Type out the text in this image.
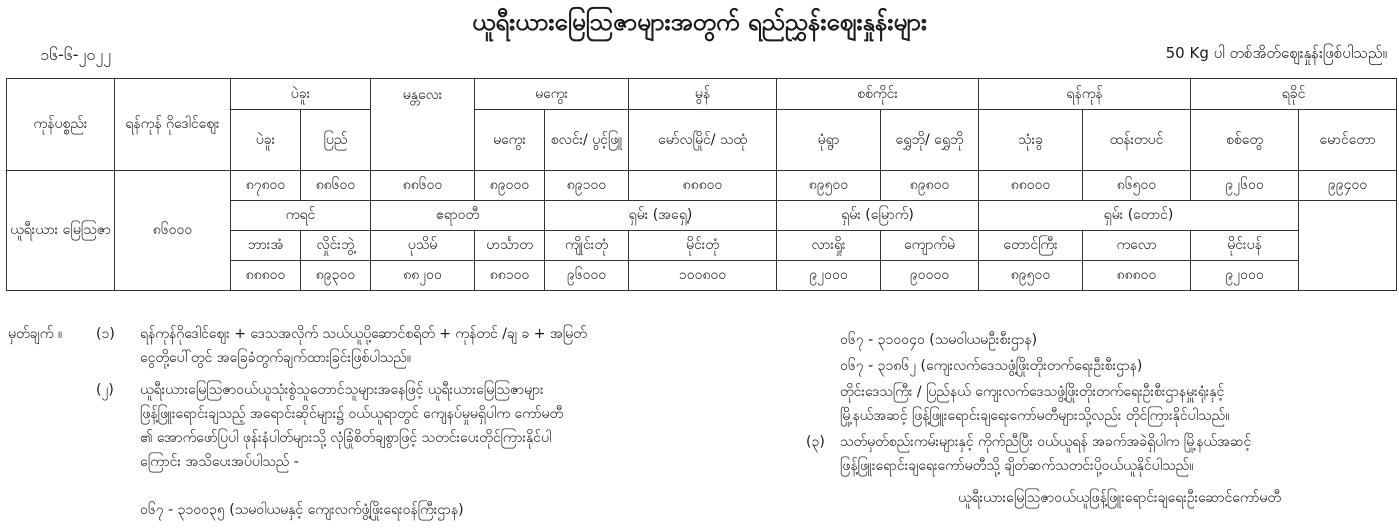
ယူရီးယားမြေသြဇာများအတွက် ရည်ညွှန်းဈေးနှုန်းများ
၁၆-၆-၂၀၂၂	50 Kg ပါ တစ်အိတ်ဈေးနှုန်းဖြစ်ပါသည်။
ကုန်ပစ္စည်း	ရန်ကုန် ဂိုဒေါင်ဈေး	ပဲခူး		မန္တလေး	မကွေး		မွန်	စစ်ကိုင်း		ရန်ကုန်		ရခိုင်	
		ပဲခူး	ပြည်		မကွေး	စလင်း/ ပွင့်ဖြူ	မော်လမြိုင်/ သထုံ	မုံရွာ	ရွှေဘို/ ရွှေဘို	သုံးခွ	ထန်းတပင်	စစ်တွေ	မောင်တော
ယူရီးယား မြေသြဇာ	၈၆၀၀၀	၈၇၈၀၀	၈၈၆၀၀	၈၈၆၀၀	၈၉၀၀၀	၈၉၁၀၀	၈၈၈၀၀	၈၉၅၀၀	၈၉၈၀၀	၈၈၀၀၀	၈၆၅၀၀	၉၂၆၀၀	၉၉၄၀၀
		ကရင်		ဧရာဝတီ		ရှမ်း (အရှေ့)		ရှမ်း (မြောက်)		ရှမ်း (တောင်)			
		ဘားအံ	လှိုင်းဘွဲ့	ပုသိမ်	ဟင်္သာတ	ကျိုင်းတုံ	မိုင်းတုံ	လားရှိုး	ကျောက်မဲ	တောင်ကြီး	ကလော	မိုင်းပန်	
		၈၈၈၀၀	၈၉၃၀၀	၈၈၂၀၀	၈၈၁၀၀	၉၆၀၀၀	၁၀၀၈၀၀	၉၂၀၀၀	၉၀၀၀၀	၈၉၅၀၀	၈၈၈၀၀	၉၂၀၀၀	
မှတ်ချက် ။ (၁) ရန်ကုန်ဂိုဒေါင်ဈေး + ဒေသအလိုက် သယ်ယူပို့ဆောင်စရိတ် + ကုန်တင် /ချ ခ + အမြတ်
ငွေတို့ပေါ်တွင် အခြေခံတွက်ချက်ထားခြင်းဖြစ်ပါသည်။
(၂) ယူရီးယားမြေသြဇာဝယ်ယူသုံးစွဲသူတောင်သူများအနေဖြင့် ယူရီးယားမြေသြဇာများ
ဖြန့်ဖြူးရောင်းချသည့် အရောင်းဆိုင်များ၌ ဝယ်ယူရာတွင် ကျေနပ်မှုမရှိပါက ကော်မတီ
၏ အောက်ဖော်ပြပါ ဖုန်းနံပါတ်များသို့ လုံခြုံစိတ်ချစွာဖြင့် သတင်းပေးတိုင်ကြားနိုင်ပါ
ကြောင်း အသိပေးအပ်ပါသည် -
၀၆၇ - ၃၁၀၀၃၅ (သမဝါယမနှင့် ကျေးလက်ဖွံ့ဖြိုးရေးဝန်ကြီးဌာန)
၀၆၇ - ၃၁၀၀၄၀ (သမဝါယမဦးစီးဌာန)
၀၆၇ - ၃၁၈၆၂ (ကျေးလက်ဒေသဖွံ့ဖြိုးတိုးတက်ရေးဦးစီးဌာန)
တိုင်းဒေသကြီး / ပြည်နယ် ကျေးလက်ဒေသဖွံ့ဖြိုးတိုးတက်ရေးဦးစီးဌာနမှူးရုံးနှင့်
မြို့နယ်အဆင့် ဖြန့်ဖြူးရောင်းချရေးကော်မတီများသို့လည်း တိုင်ကြားနိုင်ပါသည်။
(၃) သတ်မှတ်စည်းကမ်းများနှင့် ကိုက်ညီပြီး ဝယ်ယူရန် အခက်အခဲရှိပါက မြို့နယ်အဆင့်
ဖြန့်ဖြူးရောင်းချရေးကော်မတီသို့ ချိတ်ဆက်သတင်းပို့ဝယ်ယူနိုင်ပါသည်။
ယူရီးယားမြေသြဇာဝယ်ယူဖြန့်ဖြူးရောင်းချရေးဦးဆောင်ကော်မတီ
